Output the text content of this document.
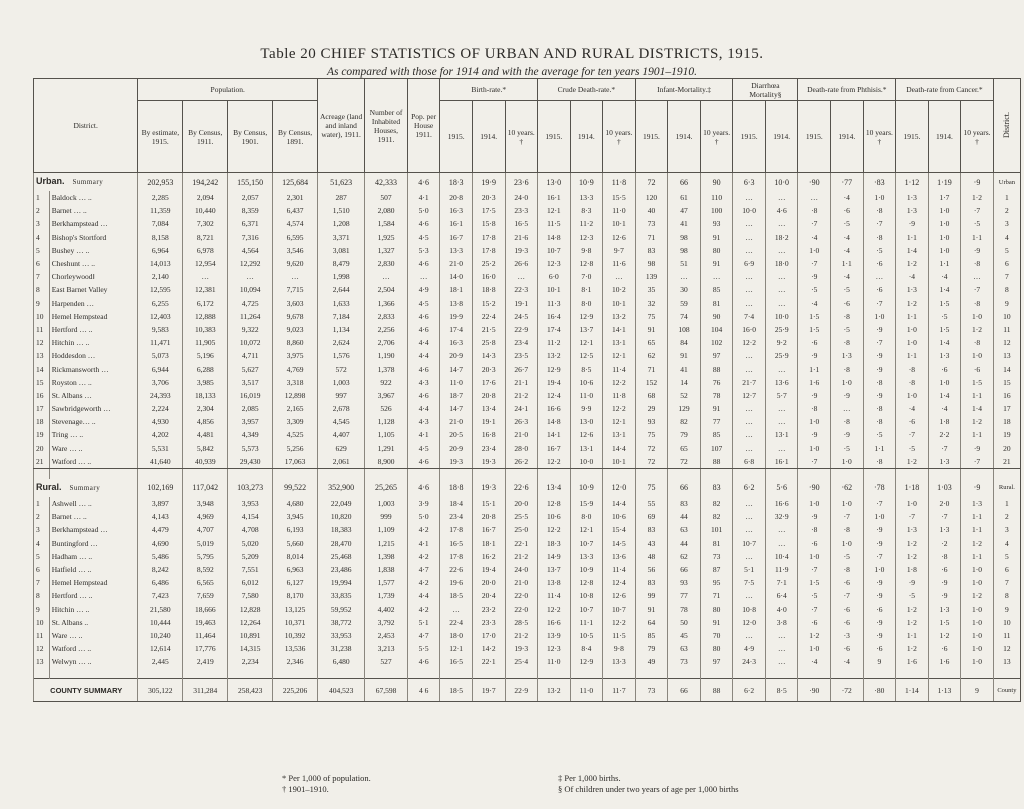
Table 20 CHIEF STATISTICS OF URBAN AND RURAL DISTRICTS, 1915.
As compared with those for 1914 and with the average for ten years 1901–1910.
District.		Population.				Acreage (land and inland water), 1911.	Number of Inhabited Houses, 1911.	Pop. per House 1911.	Birth-rate.*			Crude Death-rate.*			Infant-Mortality.‡			Diarrhœa Mortality§		Death-rate from Phthisis.*			Death-rate from Cancer.*			District.
		By estimate, 1915.	By Census, 1911.	By Census, 1901.	By Census, 1891.				1915.	1914.	10 years. †	1915.	1914.	10 years. †	1915.	1914.	10 years. †	1915.	1914.	1915.	1914.	10 years. †	1915.	1914.	10 years. †	
Urban. Summary		202,953	194,242	155,150	125,684	51,623	42,333	4·6	18·3	19·9	23·6	13·0	10·9	11·8	72	66	90	6·3	10·0	·90	·77	·83	1·12	1·19	·9	Urban
1	Baldock … ..	2,285	2,094	2,057	2,301	287	507	4·1	20·8	20·3	24·0	16·1	13·3	15·5	120	61	110	…	…	…	·4	1·0	1·3	1·7	1·2	1
2	Barnet … ..	11,359	10,440	8,359	6,437	1,510	2,080	5·0	16·3	17·5	23·3	12·1	8·3	11·0	40	47	100	10·0	4·6	·8	·6	·8	1·3	1·0	·7	2
3	Berkhampstead …	7,084	7,302	6,371	4,574	1,208	1,584	4·6	16·1	15·8	16·5	11·5	11·2	10·1	73	41	93	…	…	·7	·5	·7	·9	1·0	·5	3
4	Bishop's Stortford	8,158	8,721	7,316	6,595	3,371	1,925	4·5	16·7	17·8	21·6	14·8	12·3	12·6	71	98	91	…	18·2	·4	·4	·8	1·1	1·0	1·1	4
5	Bushey … ..	6,964	6,978	4,564	3,546	3,081	1,327	5·3	13·3	17·8	19·3	10·7	9·8	9·7	83	98	80	…	…	1·0	·4	·5	1·4	1·0	·9	5
6	Cheshunt … ..	14,013	12,954	12,292	9,620	8,479	2,830	4·6	21·0	25·2	26·6	12·3	12·8	11·6	98	51	91	6·9	18·0	·7	1·1	·6	1·2	1·1	·8	6
7	Chorleywood‖	2,140	…	…	…	1,998	…	…	14·0	16·0	…	6·0	7·0	…	139	…	…	…	…	·9	·4	…	·4	·4	…	7
8	East Barnet Valley	12,595	12,381	10,094	7,715	2,644	2,504	4·9	18·1	18·8	22·3	10·1	8·1	10·2	35	30	85	…	…	·5	·5	·6	1·3	1·4	·7	8
9	Harpenden …	6,255	6,172	4,725	3,603	1,633	1,366	4·5	13·8	15·2	19·1	11·3	8·0	10·1	32	59	81	…	…	·4	·6	·7	1·2	1·5	·8	9
10	Hemel Hempstead	12,403	12,888	11,264	9,678	7,184	2,833	4·6	19·9	22·4	24·5	16·4	12·9	13·2	75	74	90	7·4	10·0	1·5	·8	1·0	1·1	·5	1·0	10
11	Hertford … ..	9,583	10,383	9,322	9,023	1,134	2,256	4·6	17·4	21·5	22·9	17·4	13·7	14·1	91	108	104	16·0	25·9	1·5	·5	·9	1·0	1·5	1·2	11
12	Hitchin … ..	11,471	11,905	10,072	8,860	2,624	2,706	4·4	16·3	25·8	23·4	11·2	12·1	13·1	65	84	102	12·2	9·2	·6	·8	·7	1·0	1·4	·8	12
13	Hoddesdon …	5,073	5,196	4,711	3,975	1,576	1,190	4·4	20·9	14·3	23·5	13·2	12·5	12·1	62	91	97	…	25·9	·9	1·3	·9	1·1	1·3	1·0	13
14	Rickmansworth …	6,944	6,288	5,627	4,769	572	1,378	4·6	14·7	20·3	26·7	12·9	8·5	11·4	71	41	88	…	…	1·1	·8	·9	·8	·6	·6	14
15	Royston … ..	3,706	3,985	3,517	3,318	1,003	922	4·3	11·0	17·6	21·1	19·4	10·6	12·2	152	14	76	21·7	13·6	1·6	1·0	·8	·8	1·0	1·5	15
16	St. Albans …	24,393	18,133	16,019	12,898	997	3,967	4·6	18·7	20·8	21·2	12·4	11·0	11·8	68	52	78	12·7	5·7	·9	·9	·9	1·0	1·4	1·1	16
17	Sawbridgeworth …	2,224	2,304	2,085	2,165	2,678	526	4·4	14·7	13·4	24·1	16·6	9·9	12·2	29	129	91	…	…	·8	…	·8	·4	·4	1·4	17
18	Stevenage… ..	4,930	4,856	3,957	3,309	4,545	1,128	4·3	21·0	19·1	26·3	14·8	13·0	12·1	93	82	77	…	…	1·0	·8	·8	·6	1·8	1·2	18
19	Tring … ..	4,202	4,481	4,349	4,525	4,407	1,105	4·1	20·5	16·8	21·0	14·1	12·6	13·1	75	79	85	…	13·1	·9	·9	·5	·7	2·2	1·1	19
20	Ware … ..	5,531	5,842	5,573	5,256	629	1,291	4·5	20·9	23·4	28·0	16·7	13·1	14·4	72	65	107	…	…	1·0	·5	1·1	·5	·7	·9	20
21	Watford … ..	41,640	40,939	29,430	17,063	2,061	8,900	4·6	19·3	19·3	26·2	12·2	10·0	10·1	72	72	88	6·8	16·1	·7	1·0	·8	1·2	1·3	·7	21

Rural. Summary		102,169	117,042	103,273	99,522	352,900	25,265	4·6	18·8	19·3	22·6	13·4	10·9	12·0	75	66	83	6·2	5·6	·90	·62	·78	1·18	1·03	·9	Rural.
1	Ashwell … ..	3,897	3,948	3,953	4,680	22,049	1,003	3·9	18·4	15·1	20·0	12·8	15·9	14·4	55	83	82	…	16·6	1·0	1·0	·7	1·0	2·0	1·3	1
2	Barnet … ..	4,143	4,969	4,154	3,945	10,820	999	5·0	23·4	20·8	25·5	10·6	8·0	10·6	69	44	82	…	32·9	·9	·7	1·0	·7	·7	1·1	2
3	Berkhampstead …	4,479	4,707	4,708	6,193	18,383	1,109	4·2	17·8	16·7	25·0	12·2	12·1	15·4	83	63	101	…	…	·8	·8	·9	1·3	1·3	1·1	3
4	Buntingford …	4,690	5,019	5,020	5,660	28,470	1,215	4·1	16·5	18·1	22·1	18·3	10·7	14·5	43	44	81	10·7	…	·6	1·0	·9	1·2	·2	1·2	4
5	Hadham … ..	5,486	5,795	5,209	8,014	25,468	1,398	4·2	17·8	16·2	21·2	14·9	13·3	13·6	48	62	73	…	10·4	1·0	·5	·7	1·2	·8	1·1	5
6	Hatfield … ..	8,242	8,592	7,551	6,963	23,486	1,838	4·7	22·6	19·4	24·0	13·7	10·9	11·4	56	66	87	5·1	11·9	·7	·8	1·0	1·8	·6	1·0	6
7	Hemel Hempstead	6,486	6,565	6,012	6,127	19,994	1,577	4·2	19·6	20·0	21·0	13·8	12·8	12·4	83	93	95	7·5	7·1	1·5	·6	·9	·9	·9	1·0	7
8	Hertford … ..	7,423	7,659	7,580	8,170	33,835	1,739	4·4	18·5	20·4	22·0	11·4	10·8	12·6	99	77	71	…	6·4	·5	·7	·9	·5	·9	1·2	8
9	Hitchin … ..	21,580	18,666	12,828	13,125	59,952	4,402	4·2	…	23·2	22·0	12·2	10·7	10·7	91	78	80	10·8	4·0	·7	·6	·6	1·2	1·3	1·0	9
10	St. Albans ..	10,444	19,463	12,264	10,371	38,772	3,792	5·1	22·4	23·3	28·5	16·6	11·1	12·2	64	50	91	12·0	3·8	·6	·6	·9	1·2	1·5	1·0	10
11	Ware … ..	10,240	11,464	10,891	10,392	33,953	2,453	4·7	18·0	17·0	21·2	13·9	10·5	11·5	85	45	70	…	…	1·2	·3	·9	1·1	1·2	1·0	11
12	Watford … ..	12,614	17,776	14,315	13,536	31,238	3,213	5·5	12·1	14·2	19·3	12·3	8·4	9·8	79	63	80	4·9	…	1·0	·6	·6	1·2	·6	1·0	12
13	Welwyn … ..	2,445	2,419	2,234	2,346	6,480	527	4·6	16·5	22·1	25·4	11·0	12·9	13·3	49	73	97	24·3	…	·4	·4	9	1·6	1·6	1·0	13

COUNTY SUMMARY		305,122	311,284	258,423	225,206	404,523	67,598	4 6	18·5	19·7	22·9	13·2	11·0	11·7	73	66	88	6·2	8·5	·90	·72	·80	1·14	1·13	9	County
* Per 1,000 of population.
† 1901–1910.
‡ Per 1,000 births.
§ Of children under two years of age per 1,000 births
